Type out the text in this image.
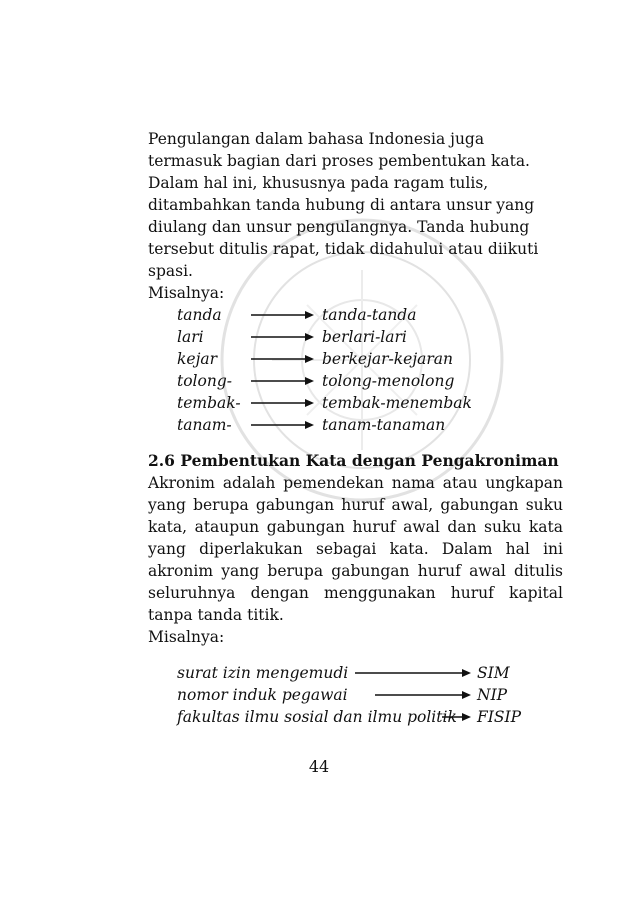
Pengulangan dalam bahasa Indonesia juga
termasuk bagian dari proses pembentukan kata.
Dalam hal ini, khususnya pada ragam tulis,
ditambahkan tanda hubung di antara unsur yang
diulang dan unsur pengulangnya. Tanda hubung
tersebut ditulis rapat, tidak didahului atau diikuti
spasi.

Misalnya:

tanda	tanda-tanda
lari	berlari-lari
kejar	berkejar-kejaran
tolong-	tolong-menolong
tembak-	tembak-menembak
tanam-	tanam-tanaman

2.6 Pembentukan Kata dengan Pengakroniman

Akronim adalah pemendekan nama atau ungkapan
yang berupa gabungan huruf awal, gabungan suku
kata, ataupun gabungan huruf awal dan suku kata
yang diperlakukan sebagai kata. Dalam hal ini
akronim yang berupa gabungan huruf awal ditulis
seluruhnya dengan menggunakan huruf kapital
tanpa tanda titik.

Misalnya:

surat izin mengemudi	SIM
nomor induk pegawai	NIP
fakultas ilmu sosial dan ilmu politik FISIP
44
